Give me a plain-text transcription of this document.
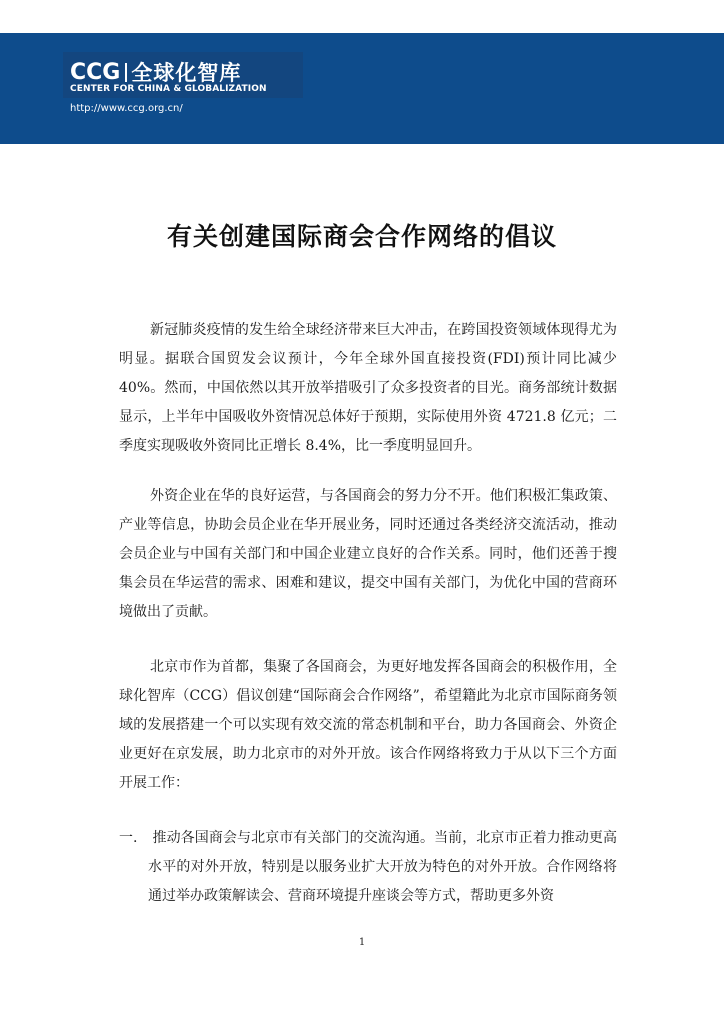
CCG 全球化智库
CENTER FOR CHINA & GLOBALIZATION
http://www.ccg.org.cn/
有关创建国际商会合作网络的倡议

新冠肺炎疫情的发生给全球经济带来巨大冲击，在跨国投资领域体现得尤为明显。据联合国贸发会议预计，今年全球外国直接投资(FDI)预计同比减少40%。然而，中国依然以其开放举措吸引了众多投资者的目光。商务部统计数据显示，上半年中国吸收外资情况总体好于预期，实际使用外资 4721.8 亿元；二季度实现吸收外资同比正增长 8.4%，比一季度明显回升。

外资企业在华的良好运营，与各国商会的努力分不开。他们积极汇集政策、产业等信息，协助会员企业在华开展业务，同时还通过各类经济交流活动，推动会员企业与中国有关部门和中国企业建立良好的合作关系。同时，他们还善于搜集会员在华运营的需求、困难和建议，提交中国有关部门，为优化中国的营商环境做出了贡献。

北京市作为首都，集聚了各国商会，为更好地发挥各国商会的积极作用，全球化智库（CCG）倡议创建“国际商会合作网络”，希望籍此为北京市国际商务领域的发展搭建一个可以实现有效交流的常态机制和平台，助力各国商会、外资企业更好在京发展，助力北京市的对外开放。该合作网络将致力于从以下三个方面开展工作：

一.	推动各国商会与北京市有关部门的交流沟通。当前，北京市正着力推动更高水平的对外开放，特别是以服务业扩大开放为特色的对外开放。合作网络将通过举办政策解读会、营商环境提升座谈会等方式，帮助更多外资

1
